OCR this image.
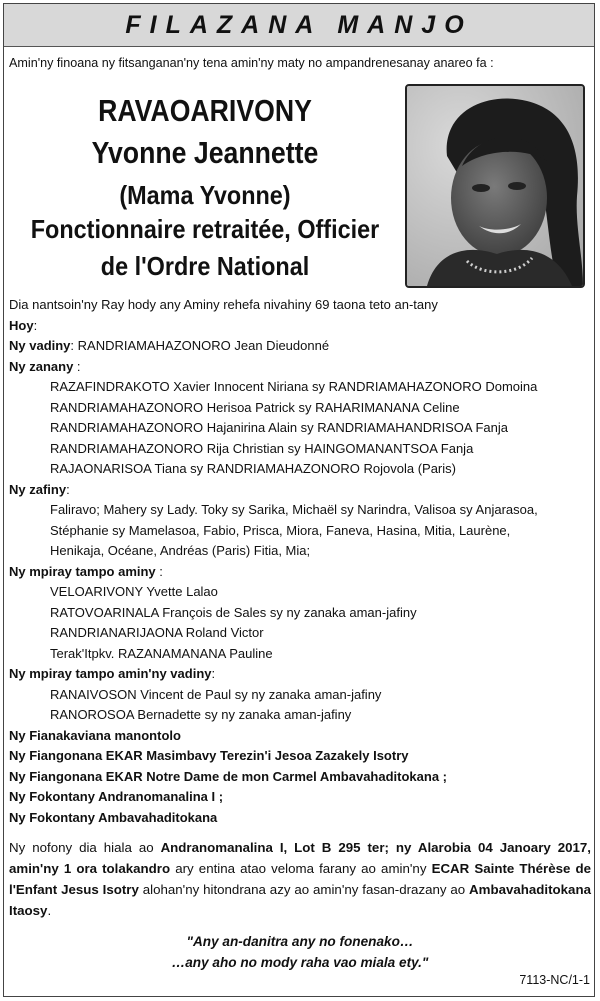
FILAZANA MANJO
Amin'ny finoana ny fitsanganan'ny tena amin'ny maty no ampandrenesanay anareo fa :
RAVAOARIVONY
Yvonne Jeannette
(Mama Yvonne)
Fonctionnaire retraitée, Officier
de l'Ordre National
Dia nantsoin'ny Ray hody any Aminy rehefa nivahiny 69 taona teto an-tany
Hoy:
Ny vadiny: RANDRIAMAHAZONORO Jean Dieudonné
Ny zanany :
RAZAFINDRAKOTO Xavier Innocent Niriana sy RANDRIAMAHAZONORO Domoina
RANDRIAMAHAZONORO Herisoa Patrick sy RAHARIMANANA Celine
RANDRIAMAHAZONORO Hajanirina Alain sy RANDRIAMAHANDRISOA Fanja
RANDRIAMAHAZONORO Rija Christian sy HAINGOMANANTSOA Fanja
RAJAONARISOA Tiana sy RANDRIAMAHAZONORO Rojovola (Paris)
Ny zafiny:
Faliravo; Mahery sy Lady. Toky sy Sarika, Michaël sy Narindra, Valisoa sy Anjarasoa,
Stéphanie sy Mamelasoa, Fabio, Prisca, Miora, Faneva, Hasina, Mitia, Laurène,
Henikaja, Océane, Andréas (Paris) Fitia, Mia;
Ny mpiray tampo aminy :
VELOARIVONY Yvette Lalao
RATOVOARINALA François de Sales sy ny zanaka aman-jafiny
RANDRIANARIJAONA Roland Victor
Terak'Itpkv. RAZANAMANANA Pauline
Ny mpiray tampo amin'ny vadiny:
RANAIVOSON Vincent de Paul sy ny zanaka aman-jafiny
RANOROSOA Bernadette sy ny zanaka aman-jafiny
Ny Fianakaviana manontolo
Ny Fiangonana EKAR Masimbavy Terezin'i Jesoa Zazakely Isotry
Ny Fiangonana EKAR Notre Dame de mon Carmel Ambavahaditokana ;
Ny Fokontany Andranomanalina I ;
Ny Fokontany Ambavahaditokana
Ny nofony dia hiala ao Andranomanalina I, Lot B 295 ter; ny Alarobia 04 Janoary 2017, amin'ny 1 ora tolakandro ary entina atao veloma farany ao amin'ny ECAR Sainte Thérèse de l'Enfant Jesus Isotry alohan'ny hitondrana azy ao amin'ny fasan-drazany ao Ambavahaditokana Itaosy.
"Any an-danitra any no fonenako…
…any aho no mody raha vao miala ety."
7113-NC/1-1
